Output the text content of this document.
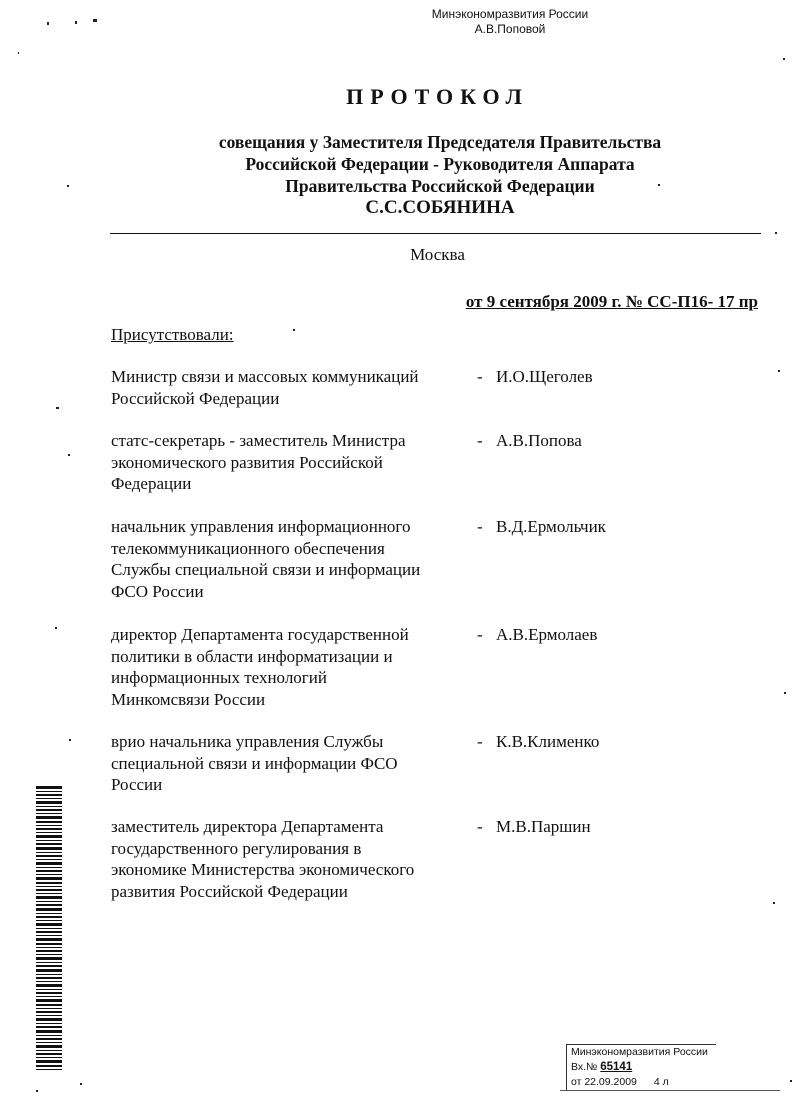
Минэкономразвития России
А.В.Поповой
ПРОТОКОЛ
совещания у Заместителя Председателя Правительства
Российской Федерации - Руководителя Аппарата
Правительства Российской Федерации
С.С.СОБЯНИНА
Москва
от 9 сентября 2009 г. № СС-П16- 17 пр
Присутствовали:
Министр связи и массовых коммуникаций
Российской Федерации
- И.О.Щеголев
статс-секретарь - заместитель Министра
экономического развития Российской
Федерации
- А.В.Попова
начальник управления информационного
телекоммуникационного обеспечения
Службы специальной связи и информации
ФСО России
- В.Д.Ермольчик
директор Департамента государственной
политики в области информатизации и
информационных технологий
Минкомсвязи России
- А.В.Ермолаев
врио начальника управления Службы
специальной связи и информации ФСО
России
- К.В.Клименко
заместитель директора Департамента
государственного регулирования в
экономике Министерства экономического
развития Российской Федерации
- М.В.Паршин
Минэкономразвития России
Вх.№ 65141
от 22.09.2009 4 л
